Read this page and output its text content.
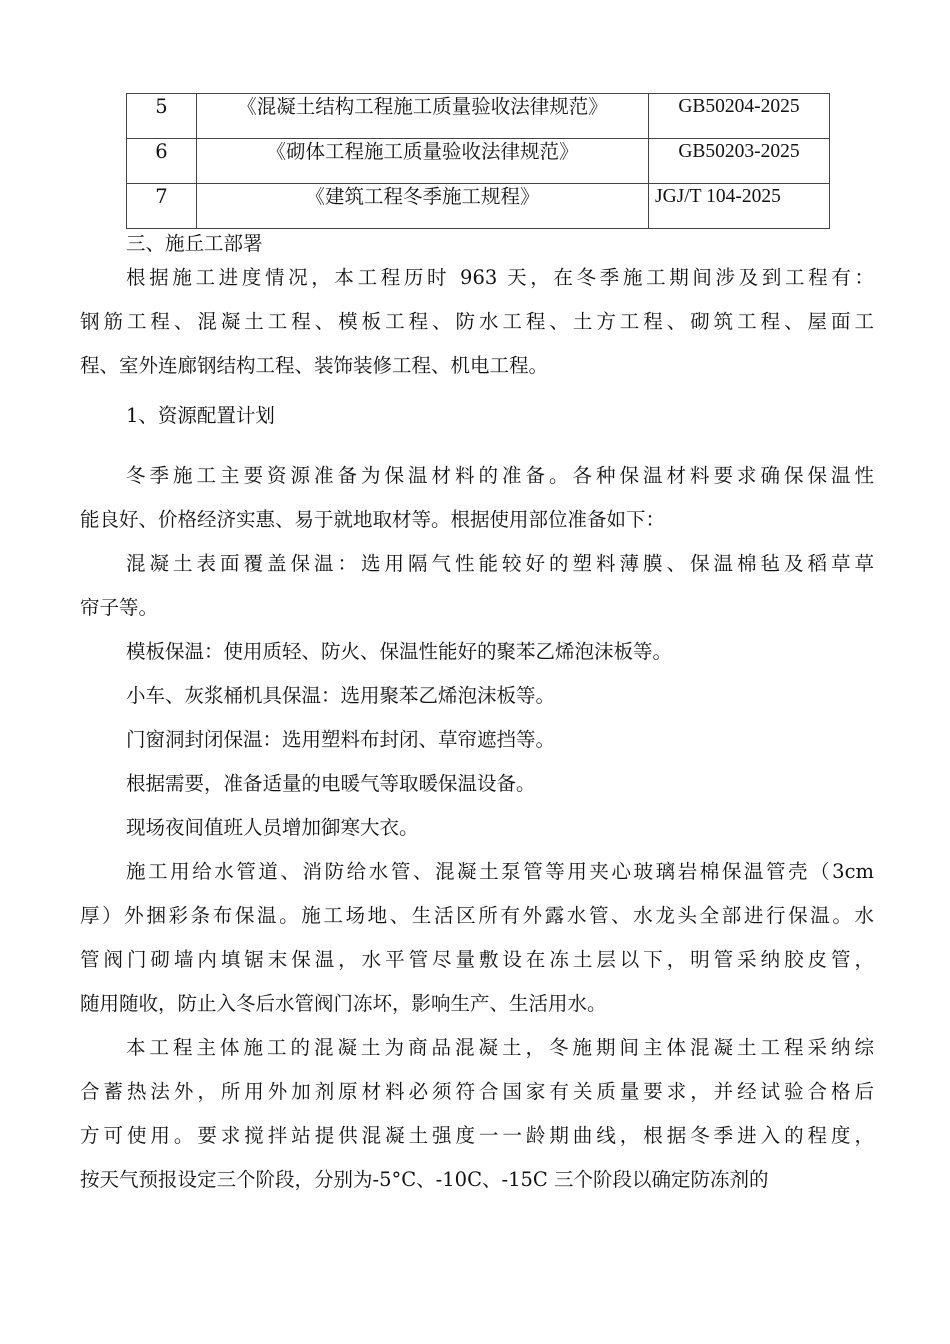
5	《混凝土结构工程施工质量验收法律规范》	GB50204-2025
6	《砌体工程施工质量验收法律规范》	GB50203-2025
7	《建筑工程冬季施工规程》	JGJ/T 104-2025
三、施丘工部署
根据施工进度情况，本工程历时 963 天，在冬季施工期间涉及到工程有：
钢筋工程、混凝土工程、模板工程、防水工程、土方工程、砌筑工程、屋面工
程、室外连廊钢结构工程、装饰装修工程、机电工程。
1、资源配置计划
冬季施工主要资源准备为保温材料的准备。各种保温材料要求确保保温性
能良好、价格经济实惠、易于就地取材等。根据使用部位准备如下：
混凝土表面覆盖保温：选用隔气性能较好的塑料薄膜、保温棉毡及稻草草
帘子等。
模板保温：使用质轻、防火、保温性能好的聚苯乙烯泡沫板等。
小车、灰浆桶机具保温：选用聚苯乙烯泡沫板等。
门窗洞封闭保温：选用塑料布封闭、草帘遮挡等。
根据需要，准备适量的电暖气等取暖保温设备。
现场夜间值班人员增加御寒大衣。
施工用给水管道、消防给水管、混凝土泵管等用夹心玻璃岩棉保温管壳（3cm
厚）外捆彩条布保温。施工场地、生活区所有外露水管、水龙头全部进行保温。水
管阀门砌墙内填锯末保温，水平管尽量敷设在冻土层以下，明管采纳胶皮管，
随用随收，防止入冬后水管阀门冻坏，影响生产、生活用水。
本工程主体施工的混凝土为商品混凝土，冬施期间主体混凝土工程采纳综
合蓄热法外，所用外加剂原材料必须符合国家有关质量要求，并经试验合格后
方可使用。要求搅拌站提供混凝土强度一一龄期曲线，根据冬季进入的程度，
按天气预报设定三个阶段，分别为-5°C、-10C、-15C 三个阶段以确定防冻剂的
